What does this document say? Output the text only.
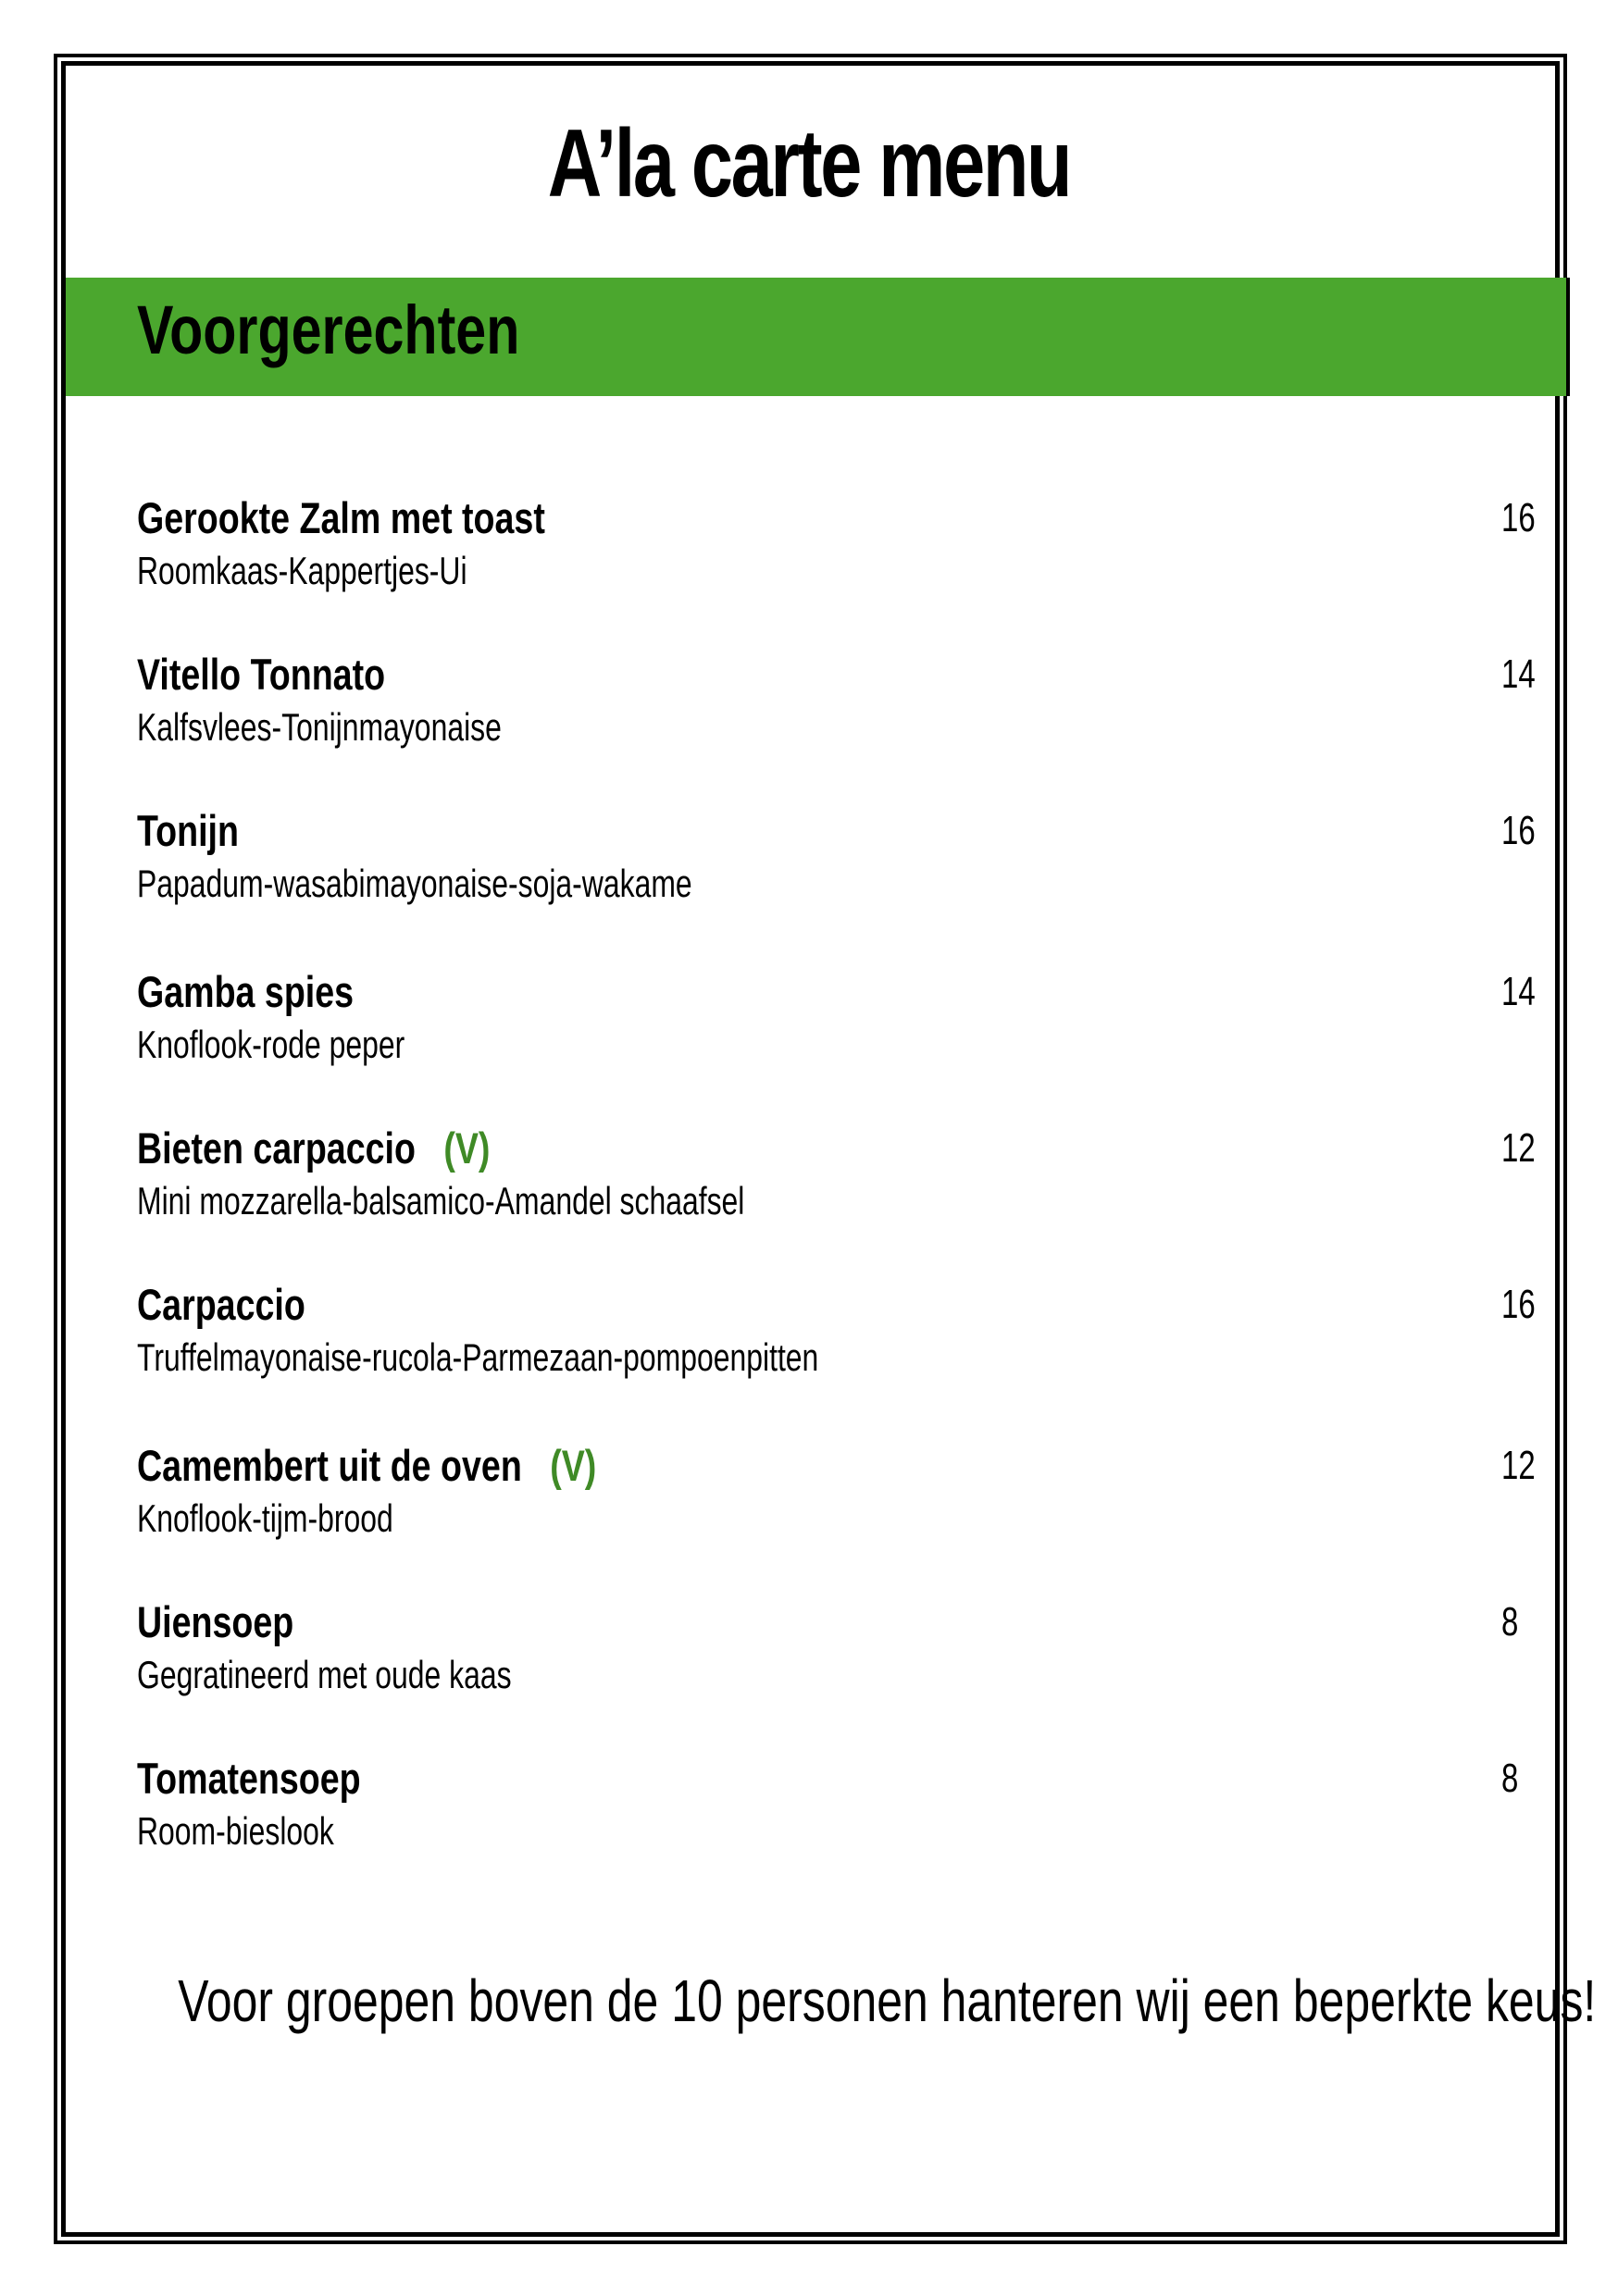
A’la carte menu
Voorgerechten
Gerookte Zalm met toast
Roomkaas-Kappertjes-Ui
16
Vitello Tonnato
Kalfsvlees-Tonijnmayonaise
14
Tonijn
Papadum-wasabimayonaise-soja-wakame
16
Gamba spies
Knoflook-rode peper
14
Bieten carpaccio (V)
Mini mozzarella-balsamico-Amandel schaafsel
12
Carpaccio
Truffelmayonaise-rucola-Parmezaan-pompoenpitten
16
Camembert uit de oven (V)
Knoflook-tijm-brood
12
Uiensoep
Gegratineerd met oude kaas
8
Tomatensoep
Room-bieslook
8
Voor groepen boven de 10 personen hanteren wij een beperkte keus!
